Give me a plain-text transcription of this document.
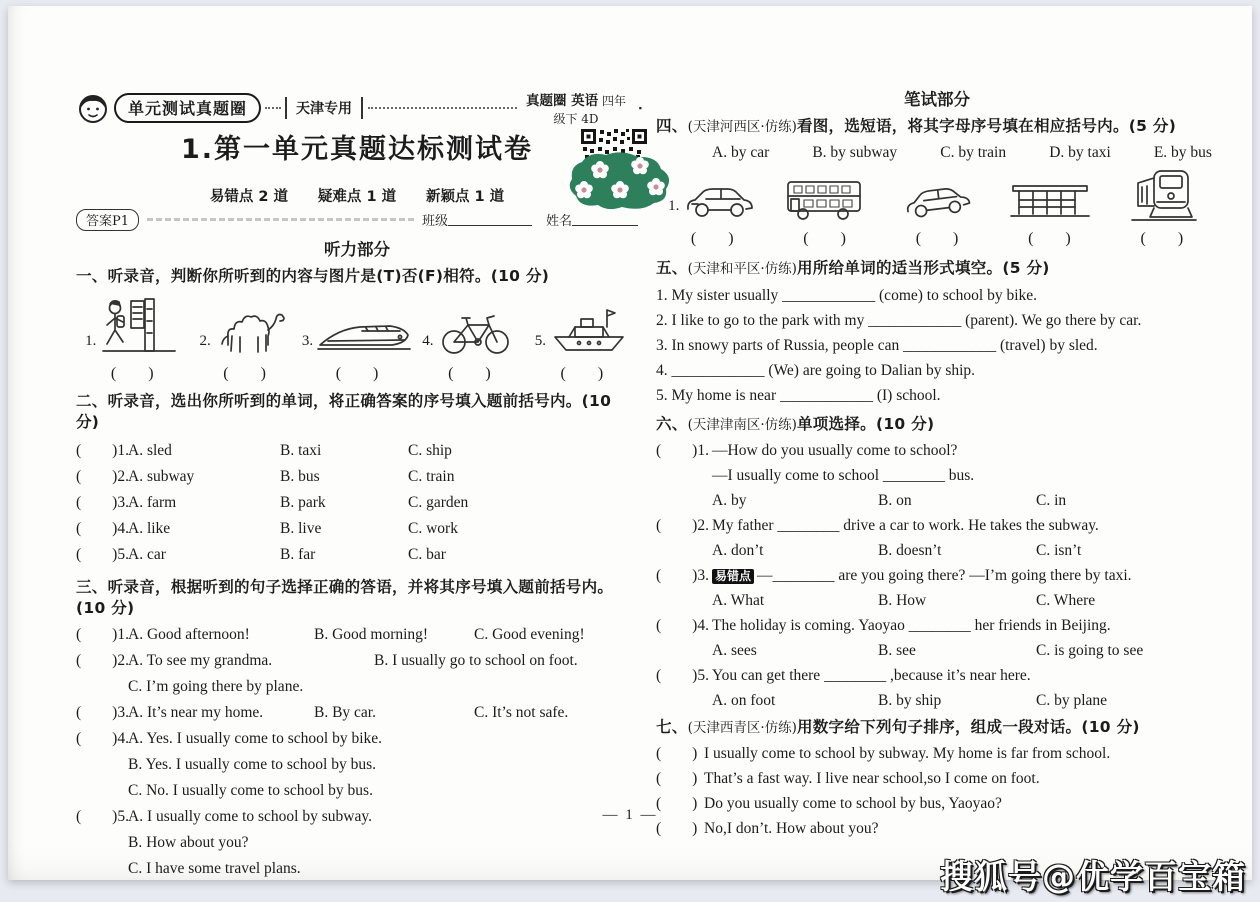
单元测试真题圈	天津专用
真题圈 英语 四年级下 4D
▪
1.第一单元真题达标测试卷
易错点 2 道 疑难点 1 道 新颖点 1 道
答案P1	班级	姓名
听力部分
一、听录音，判断你所听到的内容与图片是(T)否(F)相符。(10 分)
1.	2.	3.	4.	5.
(        )	(        )	(        )	(        )	(        )
二、听录音，选出你所听到的单词，将正确答案的序号填入题前括号内。(10 分)
(        )1.A. sled	B. taxi	C. ship
(        )2.A. subway	B. bus	C. train
(        )3.A. farm	B. park	C. garden
(        )4.A. like	B. live	C. work
(        )5.A. car	B. far	C. bar
三、听录音，根据听到的句子选择正确的答语，并将其序号填入题前括号内。(10 分)
(        )1.A. Good afternoon!	B. Good morning!	C. Good evening!
(        )2.A. To see my grandma.	B. I usually go to school on foot.
C. I’m going there by plane.
(        )3.A. It’s near my home.	B. By car.	C. It’s not safe.
(        )4.A. Yes. I usually come to school by bike.
B. Yes. I usually come to school by bus.
C. No. I usually come to school by bus.
(        )5.A. I usually come to school by subway.
B. How about you?
C. I have some travel plans.
笔试部分
四、(天津河西区·仿练)看图，选短语，将其字母序号填在相应括号内。(5 分)
A. by car	B. by subway	C. by train	D. by taxi	E. by bus
1.
(        )	(        )	(        )	(        )	(        )
五、(天津和平区·仿练)用所给单词的适当形式填空。(5 分)
1. My sister usually ____________ (come) to school by bike.
2. I like to go to the park with my ____________ (parent). We go there by car.
3. In snowy parts of Russia, people can ____________ (travel) by sled.
4. ____________ (We) are going to Dalian by ship.
5. My home is near ____________ (I) school.
六、(天津津南区·仿练)单项选择。(10 分)
(        )1. —How do you usually come to school?
—I usually come to school ________ bus.
A. by	B. on	C. in
(        )2. My father ________ drive a car to work. He takes the subway.
A. don’t	B. doesn’t	C. isn’t
(        )3. 易错点 —________ are you going there? —I’m going there by taxi.
A. What	B. How	C. Where
(        )4. The holiday is coming. Yaoyao ________ her friends in Beijing.
A. sees	B. see	C. is going to see
(        )5. You can get there ________ ,because it’s near here.
A. on foot	B. by ship	C. by plane
七、(天津西青区·仿练)用数字给下列句子排序，组成一段对话。(10 分)
(        ) I usually come to school by subway. My home is far from school.
(        ) That’s a fast way. I live near school,so I come on foot.
(        ) Do you usually come to school by bus, Yaoyao?
(        ) No,I don’t. How about you?
— 1 —
搜狐号@优学百宝箱
